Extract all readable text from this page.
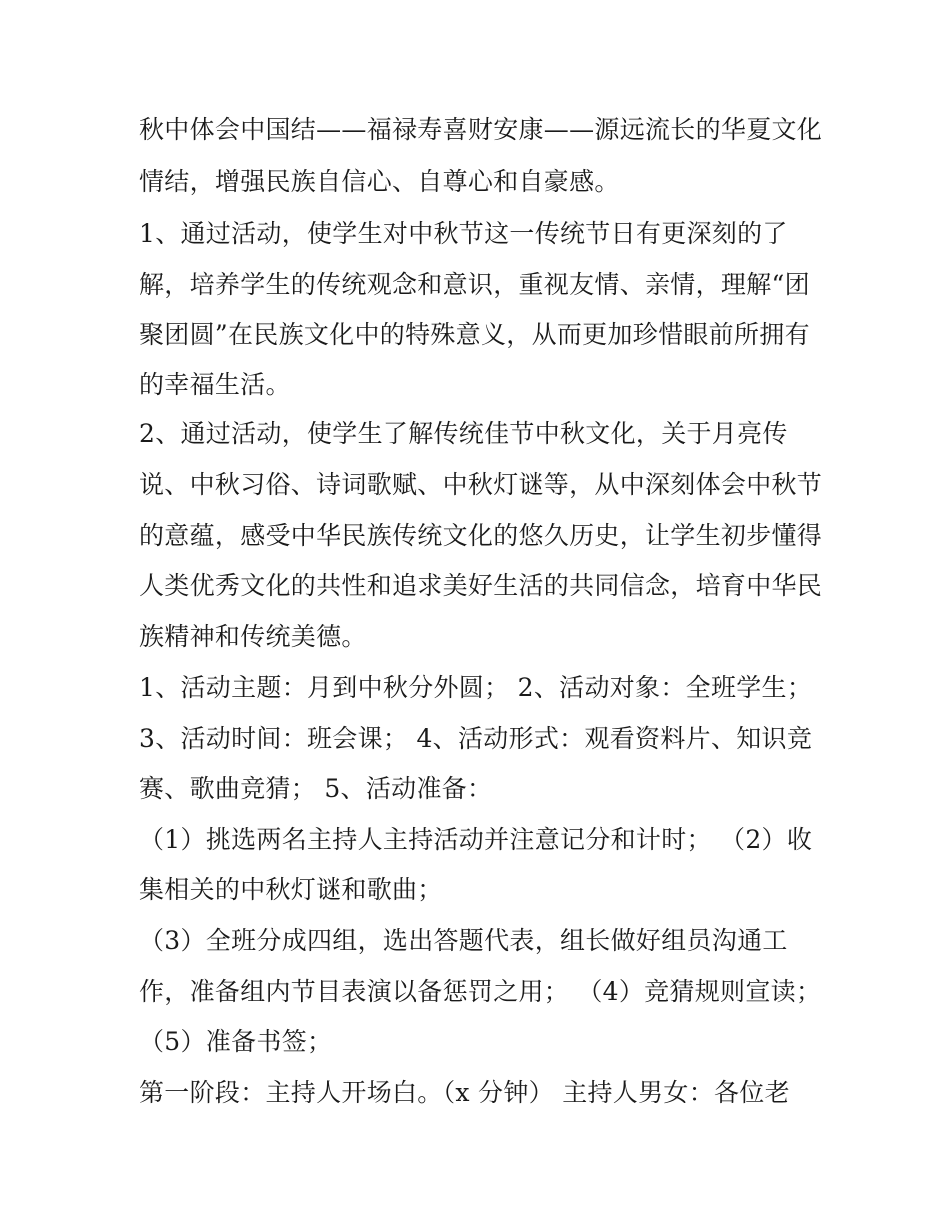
秋中体会中国结——福禄寿喜财安康——源远流长的华夏文化
情结，增强民族自信心、自尊心和自豪感。
1、通过活动，使学生对中秋节这一传统节日有更深刻的了
解，培养学生的传统观念和意识，重视友情、亲情，理解“团
聚团圆”在民族文化中的特殊意义，从而更加珍惜眼前所拥有
的幸福生活。
2、通过活动，使学生了解传统佳节中秋文化，关于月亮传
说、中秋习俗、诗词歌赋、中秋灯谜等，从中深刻体会中秋节
的意蕴，感受中华民族传统文化的悠久历史，让学生初步懂得
人类优秀文化的共性和追求美好生活的共同信念，培育中华民
族精神和传统美德。
1、活动主题：月到中秋分外圆； 2、活动对象：全班学生；
3、活动时间：班会课； 4、活动形式：观看资料片、知识竞
赛、歌曲竞猜； 5、活动准备：
（1）挑选两名主持人主持活动并注意记分和计时； （2）收
集相关的中秋灯谜和歌曲；
（3）全班分成四组，选出答题代表，组长做好组员沟通工
作，准备组内节目表演以备惩罚之用； （4）竞猜规则宣读；
（5）准备书签；
第一阶段：主持人开场白。（x 分钟） 主持人男女：各位老
